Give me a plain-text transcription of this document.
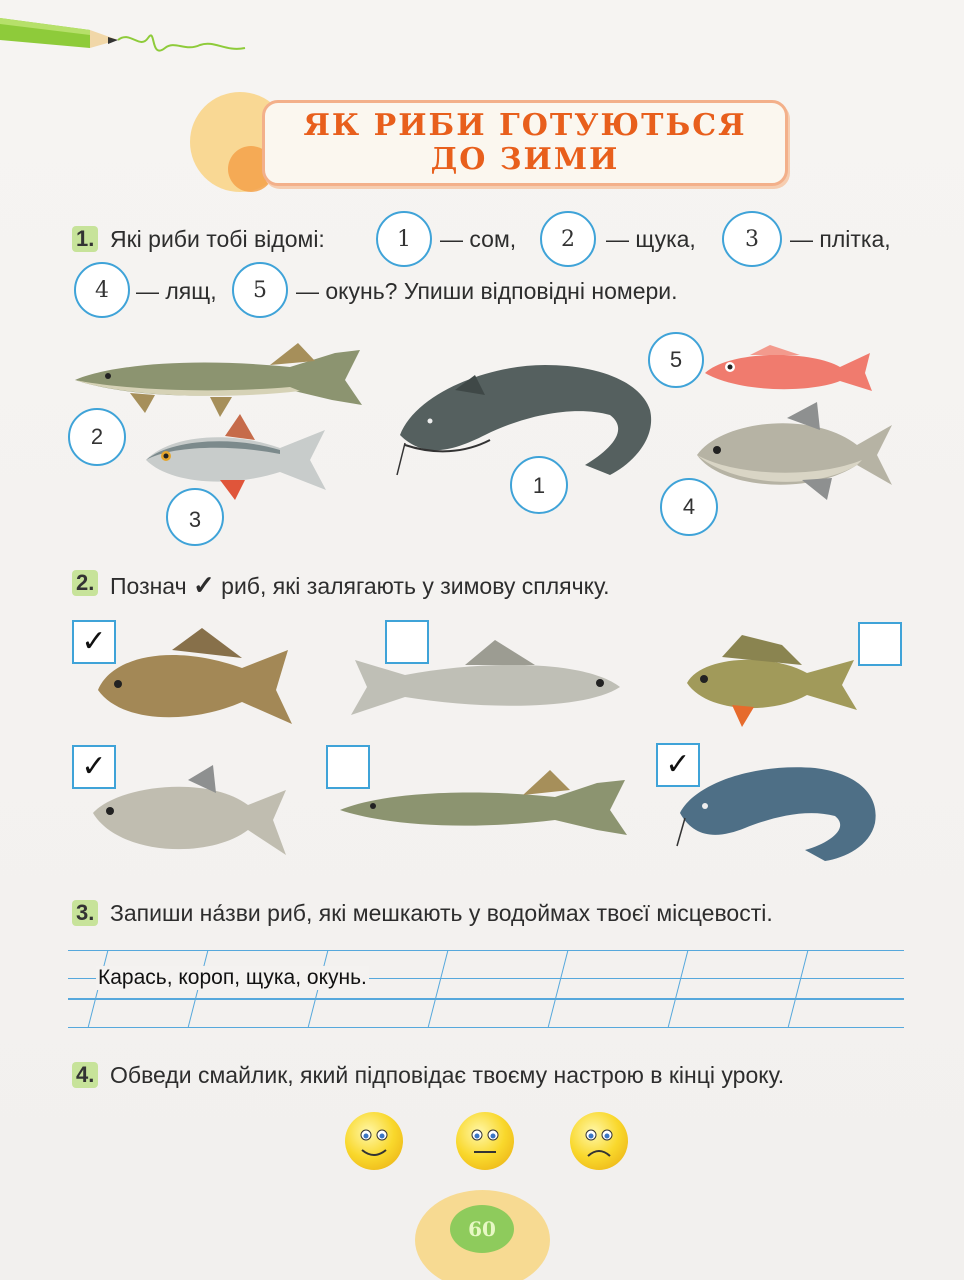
ЯК РИБИ ГОТУЮТЬСЯ
ДО ЗИМИ
1. Які риби тобі відомі:	1	— сом,	2	— щука,	3	— плітка,
4	— лящ,	5	— окунь? Упиши відповідні номери.
2
3
1
5
4
2. Познач ✓ риб, які залягають у зимову сплячку.
✓
✓	✓
3. Запиши на́зви риб, які мешкають у водоймах твоєї місцевості.
Карась, короп, щука, окунь.
4. Обведи смайлик, який підповідає твоєму настрою в кінці уроку.
60
